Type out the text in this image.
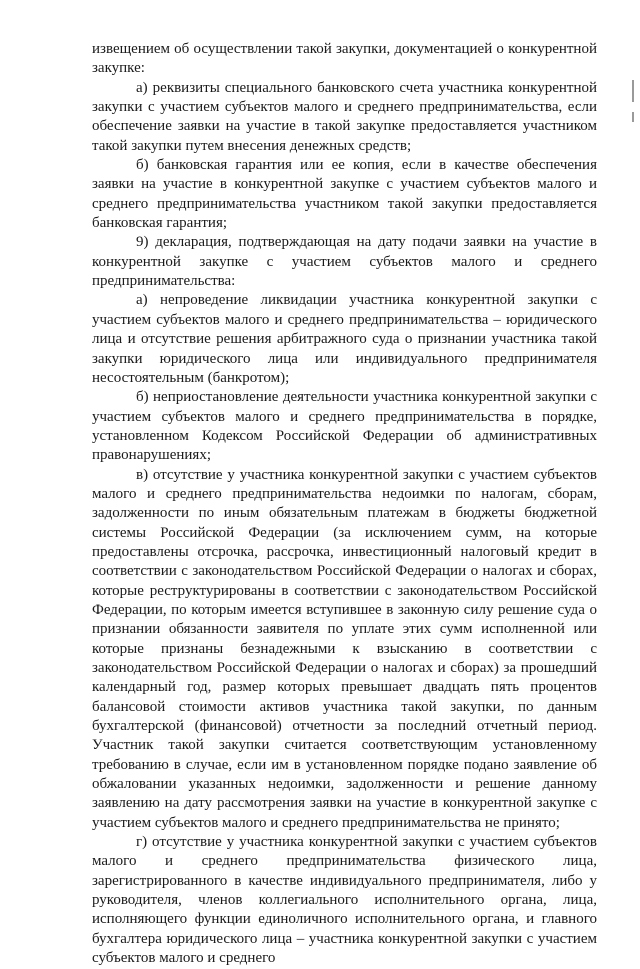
извещением об осуществлении такой закупки, документацией о конкурентной закупке:

а) реквизиты специального банковского счета участника конкурентной закупки с участием субъектов малого и среднего предпринимательства, если обеспечение заявки на участие в такой закупке предоставляется участником такой закупки путем внесения денежных средств;

б) банковская гарантия или ее копия, если в качестве обеспечения заявки на участие в конкурентной закупке с участием субъектов малого и среднего предпринимательства участником такой закупки предоставляется банковская гарантия;

9) декларация, подтверждающая на дату подачи заявки на участие в конкурентной закупке с участием субъектов малого и среднего предпринимательства:

а) непроведение ликвидации участника конкурентной закупки с участием субъектов малого и среднего предпринимательства – юридического лица и отсутствие решения арбитражного суда о признании участника такой закупки юридического лица или индивидуального предпринимателя несостоятельным (банкротом);

б) неприостановление деятельности участника конкурентной закупки с участием субъектов малого и среднего предпринимательства в порядке, установленном Кодексом Российской Федерации об административных правонарушениях;

в) отсутствие у участника конкурентной закупки с участием субъектов малого и среднего предпринимательства недоимки по налогам, сборам, задолженности по иным обязательным платежам в бюджеты бюджетной системы Российской Федерации (за исключением сумм, на которые предоставлены отсрочка, рассрочка, инвестиционный налоговый кредит в соответствии с законодательством Российской Федерации о налогах и сборах, которые реструктурированы в соответствии с законодательством Российской Федерации, по которым имеется вступившее в законную силу решение суда о признании обязанности заявителя по уплате этих сумм исполненной или которые признаны безнадежными к взысканию в соответствии с законодательством Российской Федерации о налогах и сборах) за прошедший календарный год, размер которых превышает двадцать пять процентов балансовой стоимости активов участника такой закупки, по данным бухгалтерской (финансовой) отчетности за последний отчетный период. Участник такой закупки считается соответствующим установленному требованию в случае, если им в установленном порядке подано заявление об обжаловании указанных недоимки, задолженности и решение данному заявлению на дату рассмотрения заявки на участие в конкурентной закупке с участием субъектов малого и среднего предпринимательства не принято;

г) отсутствие у участника конкурентной закупки с участием субъектов малого и среднего предпринимательства физического лица, зарегистрированного в качестве индивидуального предпринимателя, либо у руководителя, членов коллегиального исполнительного органа, лица, исполняющего функции единоличного исполнительного органа, и главного бухгалтера юридического лица – участника конкурентной закупки с участием субъектов малого и среднего
